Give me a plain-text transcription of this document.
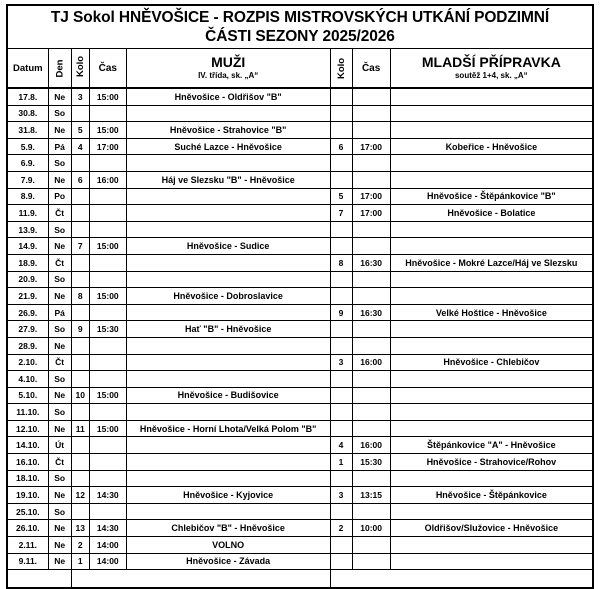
TJ Sokol HNĚVOŠICE - ROZPIS MISTROVSKÝCH UTKÁNÍ PODZIMNÍ
ČÁSTI SEZONY 2025/2026							
Datum	Den	Kolo	Čas	MUŽI
IV. třída, sk. „A“	Kolo	Čas	MLADŠÍ PŘÍPRAVKA
soutěž 1+4, sk. „A“

17.8.	Ne	3	15:00	Hněvošice - Oldřišov "B"			
30.8.	So						
31.8.	Ne	5	15:00	Hněvošice - Strahovice "B"			
5.9.	Pá	4	17:00	Suché Lazce - Hněvošice	6	17:00	Kobeřice - Hněvošice
6.9.	So						
7.9.	Ne	6	16:00	Háj ve Slezsku "B" - Hněvošice			
8.9.	Po				5	17:00	Hněvošice - Štěpánkovice "B"
11.9.	Čt				7	17:00	Hněvošice - Bolatice
13.9.	So						
14.9.	Ne	7	15:00	Hněvošice - Sudice			
18.9.	Čt				8	16:30	Hněvošice - Mokré Lazce/Háj ve Slezsku
20.9.	So						
21.9.	Ne	8	15:00	Hněvošice - Dobroslavice			
26.9.	Pá				9	16:30	Velké Hoštice - Hněvošice
27.9.	So	9	15:30	Hať "B" - Hněvošice			
28.9.	Ne						
2.10.	Čt				3	16:00	Hněvošice - Chlebičov
4.10.	So						
5.10.	Ne	10	15:00	Hněvošice - Budišovice			
11.10.	So						
12.10.	Ne	11	15:00	Hněvošice - Horní Lhota/Velká Polom "B"			
14.10.	Út				4	16:00	Štěpánkovice "A" - Hněvošice
16.10.	Čt				1	15:30	Hněvošice - Strahovice/Rohov
18.10.	So						
19.10.	Ne	12	14:30	Hněvošice - Kyjovice	3	13:15	Hněvošice - Štěpánkovice
25.10.	So						
26.10.	Ne	13	14:30	Chlebičov "B" - Hněvošice	2	10:00	Oldřišov/Služovice - Hněvošice
2.11.	Ne	2	14:00	VOLNO			
9.11.	Ne	1	14:00	Hněvošice - Závada			
